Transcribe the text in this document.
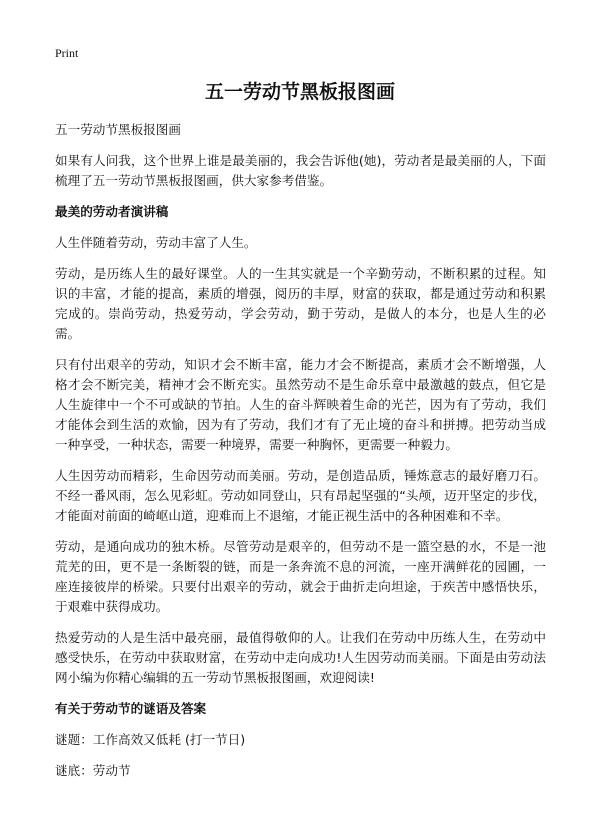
Print
五一劳动节黑板报图画

五一劳动节黑板报图画

如果有人问我，这个世界上谁是最美丽的，我会告诉他(她)，劳动者是最美丽的人，下面梳理了五一劳动节黑板报图画，供大家参考借鉴。

最美的劳动者演讲稿

人生伴随着劳动，劳动丰富了人生。

劳动，是历练人生的最好课堂。人的一生其实就是一个辛勤劳动，不断积累的过程。知识的丰富，才能的提高，素质的增强，阅历的丰厚，财富的获取，都是通过劳动和积累完成的。崇尚劳动，热爱劳动，学会劳动，勤于劳动，是做人的本分，也是人生的必需。

只有付出艰辛的劳动，知识才会不断丰富，能力才会不断提高，素质才会不断增强，人格才会不断完美，精神才会不断充实。虽然劳动不是生命乐章中最激越的鼓点，但它是人生旋律中一个不可或缺的节拍。人生的奋斗辉映着生命的光芒，因为有了劳动，我们才能体会到生活的欢愉，因为有了劳动，我们才有了无止境的奋斗和拼搏。把劳动当成一种享受，一种状态，需要一种境界，需要一种胸怀，更需要一种毅力。

人生因劳动而精彩，生命因劳动而美丽。劳动，是创造品质，锤炼意志的最好磨刀石。不经一番风雨，怎么见彩虹。劳动如同登山，只有昂起坚强的“头颅，迈开坚定的步伐，才能面对前面的崎岖山道，迎难而上不退缩，才能正视生活中的各种困难和不幸。

劳动，是通向成功的独木桥。尽管劳动是艰辛的，但劳动不是一篮空悬的水，不是一池荒芜的田，更不是一条断裂的链，而是一条奔流不息的河流，一座开满鲜花的园圃，一座连接彼岸的桥梁。只要付出艰辛的劳动，就会于曲折走向坦途，于疾苦中感悟快乐，于艰难中获得成功。

热爱劳动的人是生活中最亮丽，最值得敬仰的人。让我们在劳动中历练人生，在劳动中感受快乐，在劳动中获取财富，在劳动中走向成功!人生因劳动而美丽。下面是由劳动法网小编为你精心编辑的五一劳动节黑板报图画，欢迎阅读!

有关于劳动节的谜语及答案

谜题：工作高效又低耗 (打一节日)

谜底：劳动节
